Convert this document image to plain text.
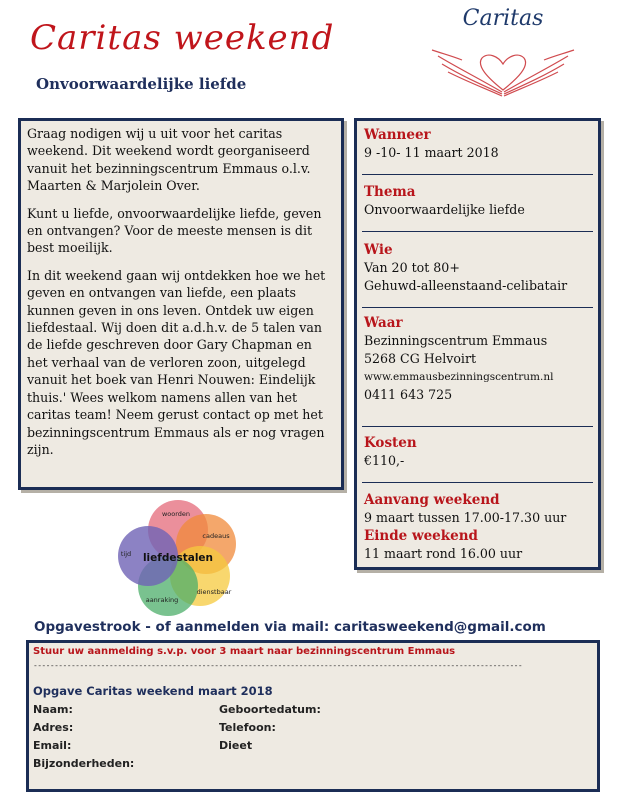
Caritas weekend
Onvoorwaardelijke liefde
Caritas

Graag nodigen wij u uit voor het caritas weekend. Dit weekend wordt georganiseerd vanuit het bezinningscentrum Emmaus o.l.v. Maarten & Marjolein Over.

Kunt u liefde, onvoorwaardelijke liefde, geven en ontvangen? Voor de meeste mensen is dit best moeilijk.

In dit weekend gaan wij ontdekken hoe we het geven en ontvangen van liefde, een plaats kunnen geven in ons leven. Ontdek uw eigen liefdestaal. Wij doen dit a.d.h.v. de 5 talen van de liefde geschreven door Gary Chapman en het verhaal van de verloren zoon, uitgelegd vanuit het boek van Henri Nouwen: Eindelijk thuis.' Wees welkom namens allen van het caritas team! Neem gerust contact op met het bezinningscentrum Emmaus als er nog vragen zijn.

Wanneer
9 -10- 11 maart 2018
Thema
Onvoorwaardelijke liefde
Wie
Van 20 tot 80+
Gehuwd-alleenstaand-celibatair
Waar
Bezinningscentrum Emmaus
5268 CG Helvoirt
www.emmausbezinningscentrum.nl
0411 643 725
Kosten
€110,-
Aanvang weekend
9 maart tussen 17.00-17.30 uur
Einde weekend
11 maart rond 16.00 uur
liefdestalen
woorden
cadeaus
dienstbaar
aanraking
tijd
Opgavestrook - of aanmelden via mail: caritasweekend@gmail.com
Stuur uw aanmelding s.v.p. voor 3 maart naar bezinningscentrum Emmaus
--------------------------------------------------------------------------------------------------------------------
Opgave Caritas weekend maart 2018
Naam:	Geboortedatum:
Adres:	Telefoon:
Email:	Dieet
Bijzonderheden:
